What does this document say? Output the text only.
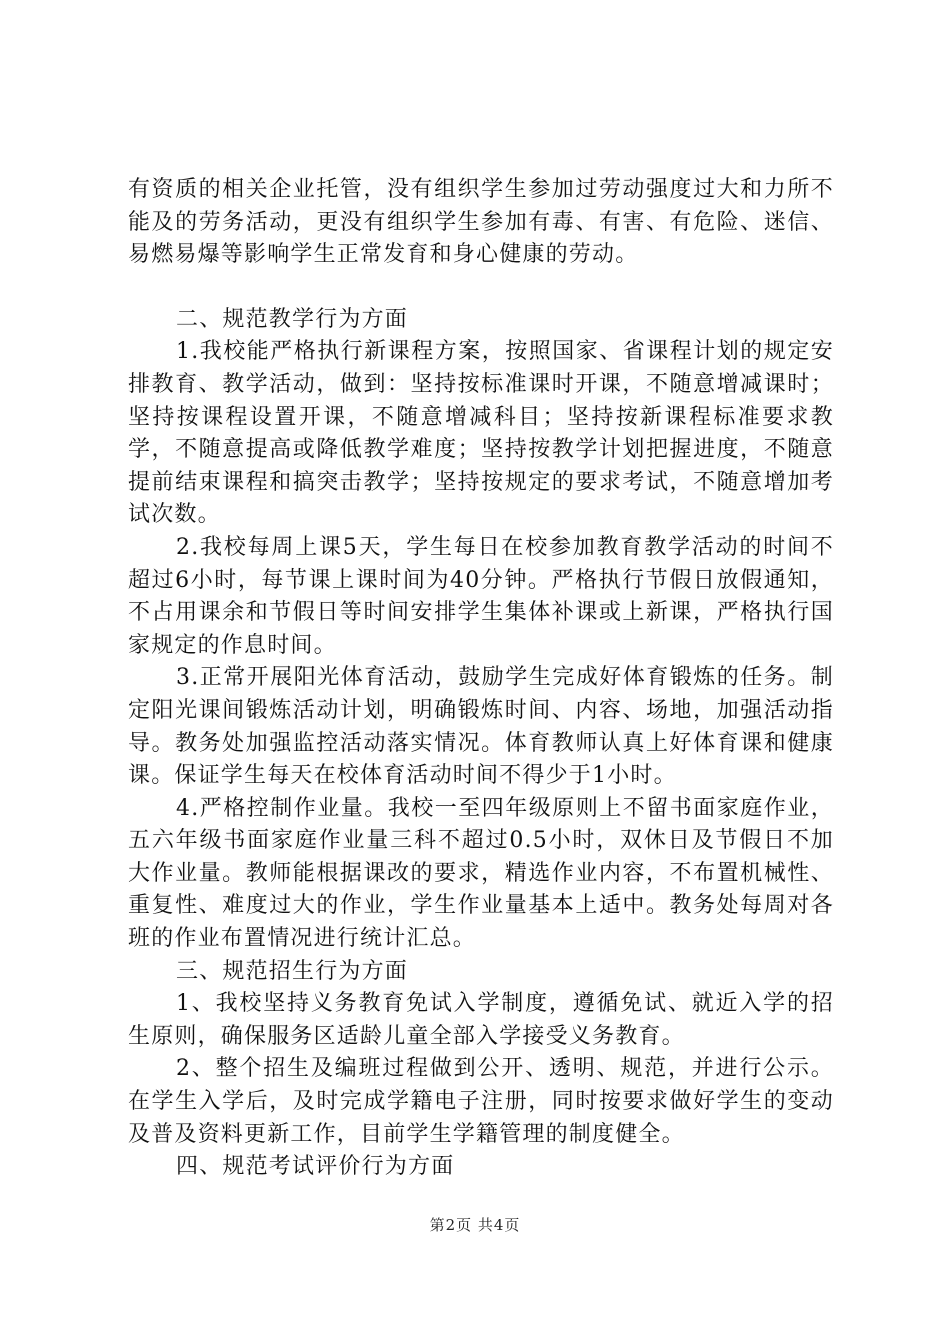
有资质的相关企业托管，没有组织学生参加过劳动强度过大和力所不能及的劳务活动，更没有组织学生参加有毒、有害、有危险、迷信、易燃易爆等影响学生正常发育和身心健康的劳动。

二、规范教学行为方面

1.我校能严格执行新课程方案，按照国家、省课程计划的规定安排教育、教学活动，做到：坚持按标准课时开课，不随意增减课时；坚持按课程设置开课，不随意增减科目；坚持按新课程标准要求教学，不随意提高或降低教学难度；坚持按教学计划把握进度，不随意提前结束课程和搞突击教学；坚持按规定的要求考试，不随意增加考试次数。

2.我校每周上课5天，学生每日在校参加教育教学活动的时间不超过6小时，每节课上课时间为40分钟。严格执行节假日放假通知，不占用课余和节假日等时间安排学生集体补课或上新课，严格执行国家规定的作息时间。

3.正常开展阳光体育活动，鼓励学生完成好体育锻炼的任务。制定阳光课间锻炼活动计划，明确锻炼时间、内容、场地，加强活动指导。教务处加强监控活动落实情况。体育教师认真上好体育课和健康课。保证学生每天在校体育活动时间不得少于1小时。

4.严格控制作业量。我校一至四年级原则上不留书面家庭作业，五六年级书面家庭作业量三科不超过0.5小时，双休日及节假日不加大作业量。教师能根据课改的要求，精选作业内容，不布置机械性、重复性、难度过大的作业，学生作业量基本上适中。教务处每周对各班的作业布置情况进行统计汇总。

三、规范招生行为方面

1、我校坚持义务教育免试入学制度，遵循免试、就近入学的招生原则，确保服务区适龄儿童全部入学接受义务教育。

2、整个招生及编班过程做到公开、透明、规范，并进行公示。在学生入学后，及时完成学籍电子注册，同时按要求做好学生的变动及普及资料更新工作，目前学生学籍管理的制度健全。

四、规范考试评价行为方面

第2页 共4页
